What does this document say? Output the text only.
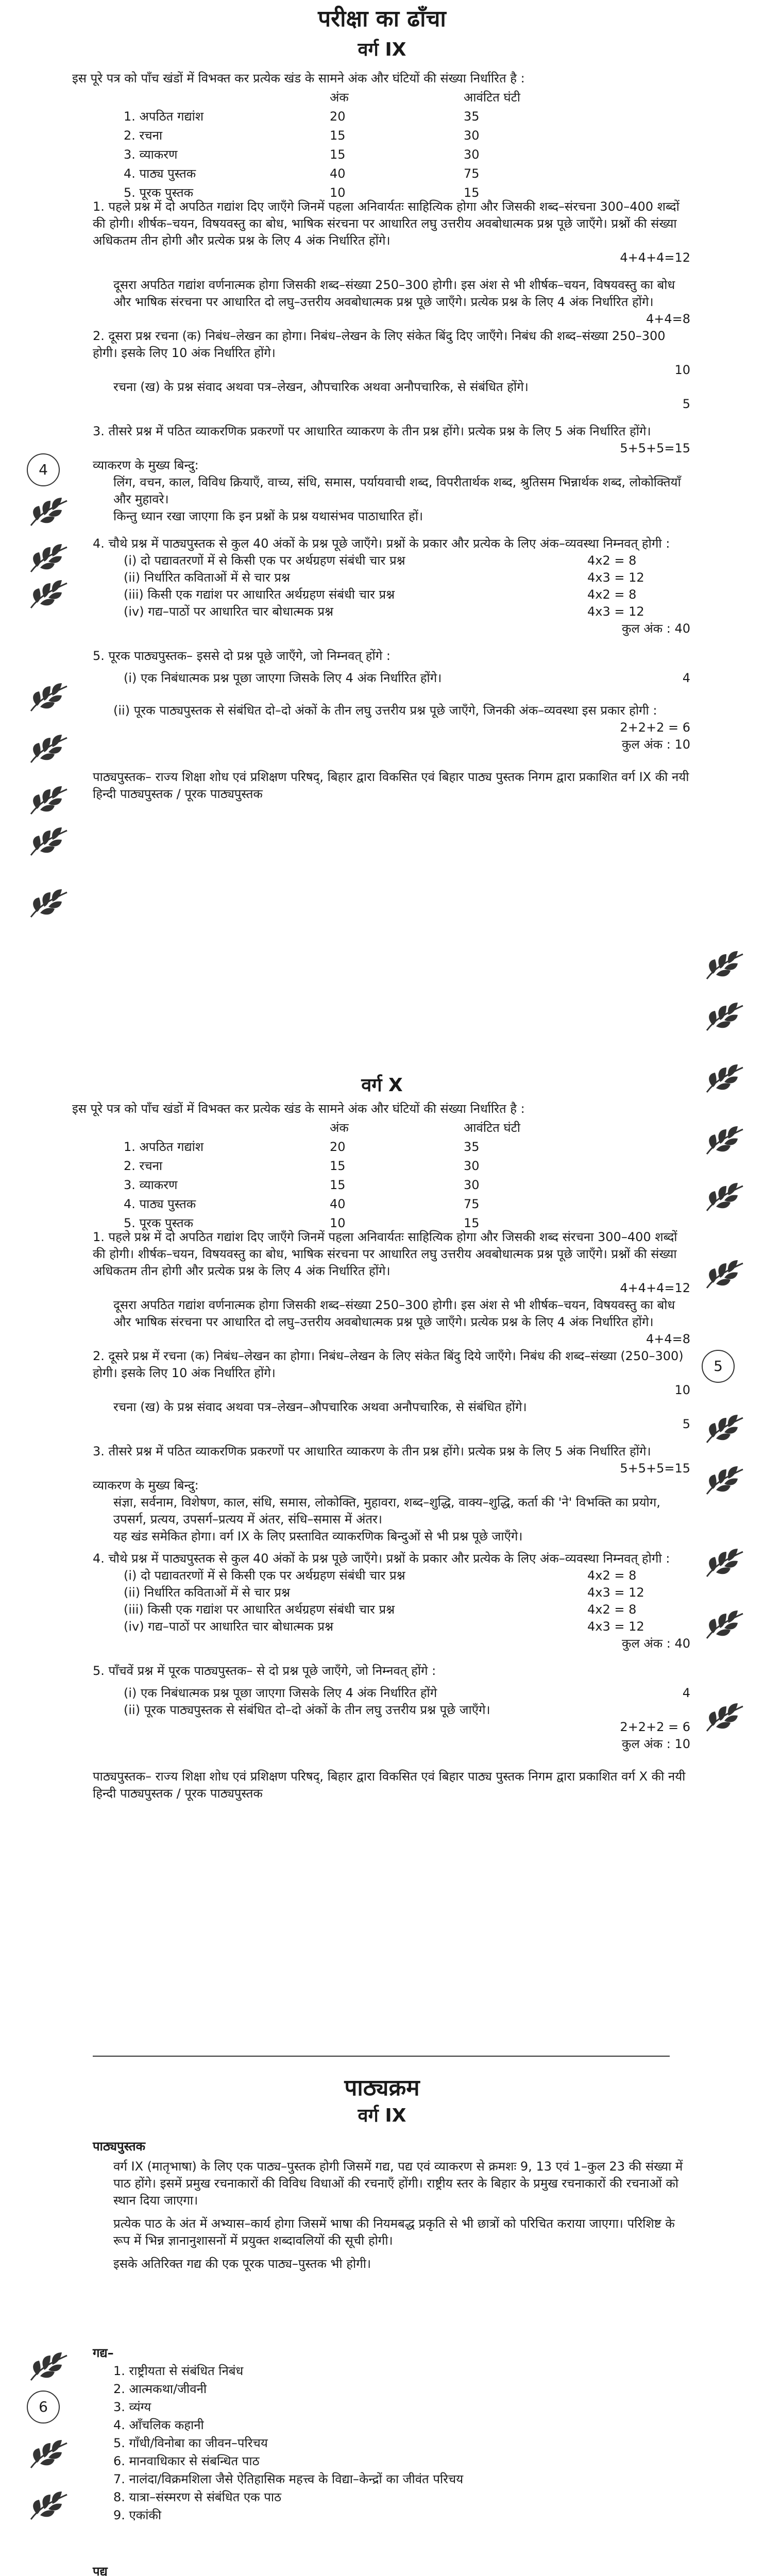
परीक्षा का ढाँचा
वर्ग IX
इस पूरे पत्र को पाँच खंडों में विभक्त कर प्रत्येक खंड के सामने अंक और घंटियों की संख्या निर्धारित है :
	अंक	आवंटित घंटी
1. अपठित गद्यांश	20	35
2. रचना	15	30
3. व्याकरण	15	30
4. पाठ्य पुस्तक	40	75
5. पूरक पुस्तक	10	15

1. पहले प्रश्न में दो अपठित गद्यांश दिए जाएँगे जिनमें पहला अनिवार्यतः साहित्यिक होगा और जिसकी शब्द–संरचना 300–400 शब्दों की होगी। शीर्षक–चयन, विषयवस्तु का बोध, भाषिक संरचना पर आधारित लघु उत्तरीय अवबोधात्मक प्रश्न पूछे जाएँगे। प्रश्नों की संख्या अधिकतम तीन होगी और प्रत्येक प्रश्न के लिए 4 अंक निर्धारित होंगे।

4+4+4=12

दूसरा अपठित गद्यांश वर्णनात्मक होगा जिसकी शब्द–संख्या 250–300 होगी। इस अंश से भी शीर्षक–चयन, विषयवस्तु का बोध और भाषिक संरचना पर आधारित दो लघु–उत्तरीय अवबोधात्मक प्रश्न पूछे जाएँगे। प्रत्येक प्रश्न के लिए 4 अंक निर्धारित होंगे।

4+4=8

2. दूसरा प्रश्न रचना (क) निबंध–लेखन का होगा। निबंध–लेखन के लिए संकेत बिंदु दिए जाएँगे। निबंध की शब्द–संख्या 250–300 होगी। इसके लिए 10 अंक निर्धारित होंगे।

10

रचना (ख) के प्रश्न संवाद अथवा पत्र–लेखन, औपचारिक अथवा अनौपचारिक, से संबंधित होंगे।

5

3. तीसरे प्रश्न में पठित व्याकरणिक प्रकरणों पर आधारित व्याकरण के तीन प्रश्न होंगे। प्रत्येक प्रश्न के लिए 5 अंक निर्धारित होंगे।

5+5+5=15

व्याकरण के मुख्य बिन्दु:

लिंग, वचन, काल, विविध क्रियाएँ, वाच्य, संधि, समास, पर्यायवाची शब्द, विपरीतार्थक शब्द, श्रुतिसम भिन्नार्थक शब्द, लोकोक्तियाँ और मुहावरे।

किन्तु ध्यान रखा जाएगा कि इन प्रश्नों के प्रश्न यथासंभव पाठाधारित हों।

4. चौथे प्रश्न में पाठ्यपुस्तक से कुल 40 अंकों के प्रश्न पूछे जाएँगे। प्रश्नों के प्रकार और प्रत्येक के लिए अंक–व्यवस्था निम्नवत् होगी :

(i) दो पद्यावतरणों में से किसी एक पर अर्थग्रहण संबंधी चार प्रश्न	4x2 = 8
(ii) निर्धारित कविताओं में से चार प्रश्न	4x3 = 12
(iii) किसी एक गद्यांश पर आधारित अर्थग्रहण संबंधी चार प्रश्न	4x2 = 8
(iv) गद्य–पाठों पर आधारित चार बोधात्मक प्रश्न	4x3 = 12

कुल अंक : 40

5. पूरक पाठ्यपुस्तक– इससे दो प्रश्न पूछे जाएँगे, जो निम्नवत् होंगे :

(i) एक निबंधात्मक प्रश्न पूछा जाएगा जिसके लिए 4 अंक निर्धारित होंगे।	4

(ii) पूरक पाठ्यपुस्तक से संबंधित दो–दो अंकों के तीन लघु उत्तरीय प्रश्न पूछे जाएँगे, जिनकी अंक–व्यवस्था इस प्रकार होगी :

2+2+2 = 6

कुल अंक : 10

पाठ्यपुस्तक– राज्य शिक्षा शोध एवं प्रशिक्षण परिषद्, बिहार द्वारा विकसित एवं बिहार पाठ्य पुस्तक निगम द्वारा प्रकाशित वर्ग IX की नयी हिन्दी पाठ्यपुस्तक / पूरक पाठ्यपुस्तक

वर्ग X
इस पूरे पत्र को पाँच खंडों में विभक्त कर प्रत्येक खंड के सामने अंक और घंटियों की संख्या निर्धारित है :
	अंक	आवंटित घंटी
1. अपठित गद्यांश	20	35
2. रचना	15	30
3. व्याकरण	15	30
4. पाठ्य पुस्तक	40	75
5. पूरक पुस्तक	10	15

1. पहले प्रश्न में दो अपठित गद्यांश दिए जाएँगे जिनमें पहला अनिवार्यतः साहित्यिक होगा और जिसकी शब्द संरचना 300–400 शब्दों की होगी। शीर्षक–चयन, विषयवस्तु का बोध, भाषिक संरचना पर आधारित लघु उत्तरीय अवबोधात्मक प्रश्न पूछे जाएँगे। प्रश्नों की संख्या अधिकतम तीन होगी और प्रत्येक प्रश्न के लिए 4 अंक निर्धारित होंगे।

4+4+4=12

दूसरा अपठित गद्यांश वर्णनात्मक होगा जिसकी शब्द–संख्या 250–300 होगी। इस अंश से भी शीर्षक–चयन, विषयवस्तु का बोध और भाषिक संरचना पर आधारित दो लघु–उत्तरीय अवबोधात्मक प्रश्न पूछे जाएँगे। प्रत्येक प्रश्न के लिए 4 अंक निर्धारित होंगे।

4+4=8

2. दूसरे प्रश्न में रचना (क) निबंध–लेखन का होगा। निबंध–लेखन के लिए संकेत बिंदु दिये जाएँगे। निबंध की शब्द–संख्या (250–300) होगी। इसके लिए 10 अंक निर्धारित होंगे।

10

रचना (ख) के प्रश्न संवाद अथवा पत्र–लेखन–औपचारिक अथवा अनौपचारिक, से संबंधित होंगे।

5

3. तीसरे प्रश्न में पठित व्याकरणिक प्रकरणों पर आधारित व्याकरण के तीन प्रश्न होंगे। प्रत्येक प्रश्न के लिए 5 अंक निर्धारित होंगे।

5+5+5=15

व्याकरण के मुख्य बिन्दु:

संज्ञा, सर्वनाम, विशेषण, काल, संधि, समास, लोकोक्ति, मुहावरा, शब्द–शुद्धि, वाक्य–शुद्धि, कर्ता की 'ने' विभक्ति का प्रयोग, उपसर्ग, प्रत्यय, उपसर्ग–प्रत्यय में अंतर, संधि–समास में अंतर।

यह खंड समेकित होगा। वर्ग IX के लिए प्रस्तावित व्याकरणिक बिन्दुओं से भी प्रश्न पूछे जाएँगे।

4. चौथे प्रश्न में पाठ्यपुस्तक से कुल 40 अंकों के प्रश्न पूछे जाएँगे। प्रश्नों के प्रकार और प्रत्येक के लिए अंक–व्यवस्था निम्नवत् होगी :

(i) दो पद्यावतरणों में से किसी एक पर अर्थग्रहण संबंधी चार प्रश्न	4x2 = 8
(ii) निर्धारित कविताओं में से चार प्रश्न	4x3 = 12
(iii) किसी एक गद्यांश पर आधारित अर्थग्रहण संबंधी चार प्रश्न	4x2 = 8
(iv) गद्य–पाठों पर आधारित चार बोधात्मक प्रश्न	4x3 = 12

कुल अंक : 40

5. पाँचवें प्रश्न में पूरक पाठ्यपुस्तक– से दो प्रश्न पूछे जाएँगे, जो निम्नवत् होंगे :

(i) एक निबंधात्मक प्रश्न पूछा जाएगा जिसके लिए 4 अंक निर्धारित होंगे	4
(ii) पूरक पाठ्यपुस्तक से संबंधित दो–दो अंकों के तीन लघु उत्तरीय प्रश्न पूछे जाएँगे।

2+2+2 = 6

कुल अंक : 10

पाठ्यपुस्तक– राज्य शिक्षा शोध एवं प्रशिक्षण परिषद्, बिहार द्वारा विकसित एवं बिहार पाठ्य पुस्तक निगम द्वारा प्रकाशित वर्ग X की नयी हिन्दी पाठ्यपुस्तक / पूरक पाठ्यपुस्तक

पाठ्यक्रम
वर्ग IX

पाठ्यपुस्तक

वर्ग IX (मातृभाषा) के लिए एक पाठ्य–पुस्तक होगी जिसमें गद्य, पद्य एवं व्याकरण से क्रमशः 9, 13 एवं 1–कुल 23 की संख्या में पाठ होंगे। इसमें प्रमुख रचनाकारों की विविध विधाओं की रचनाएँ होंगी। राष्ट्रीय स्तर के बिहार के प्रमुख रचनाकारों की रचनाओं को स्थान दिया जाएगा।

प्रत्येक पाठ के अंत में अभ्यास–कार्य होगा जिसमें भाषा की नियमबद्ध प्रकृति से भी छात्रों को परिचित कराया जाएगा। परिशिष्ट के रूप में भिन्न ज्ञानानुशासनों में प्रयुक्त शब्दावलियों की सूची होगी।

इसके अतिरिक्त गद्य की एक पूरक पाठ्य–पुस्तक भी होगी।

गद्य–
1. राष्ट्रीयता से संबंधित निबंध
2. आत्मकथा/जीवनी
3. व्यंग्य
4. आँचलिक कहानी
5. गाँधी/विनोबा का जीवन–परिचय
6. मानवाधिकार से संबन्धित पाठ
7. नालंदा/विक्रमशिला जैसे ऐतिहासिक महत्त्व के विद्या–केन्द्रों का जीवंत परिचय
8. यात्रा–संस्मरण से संबंधित एक पाठ
9. एकांकी
पद्य
4
5
6
